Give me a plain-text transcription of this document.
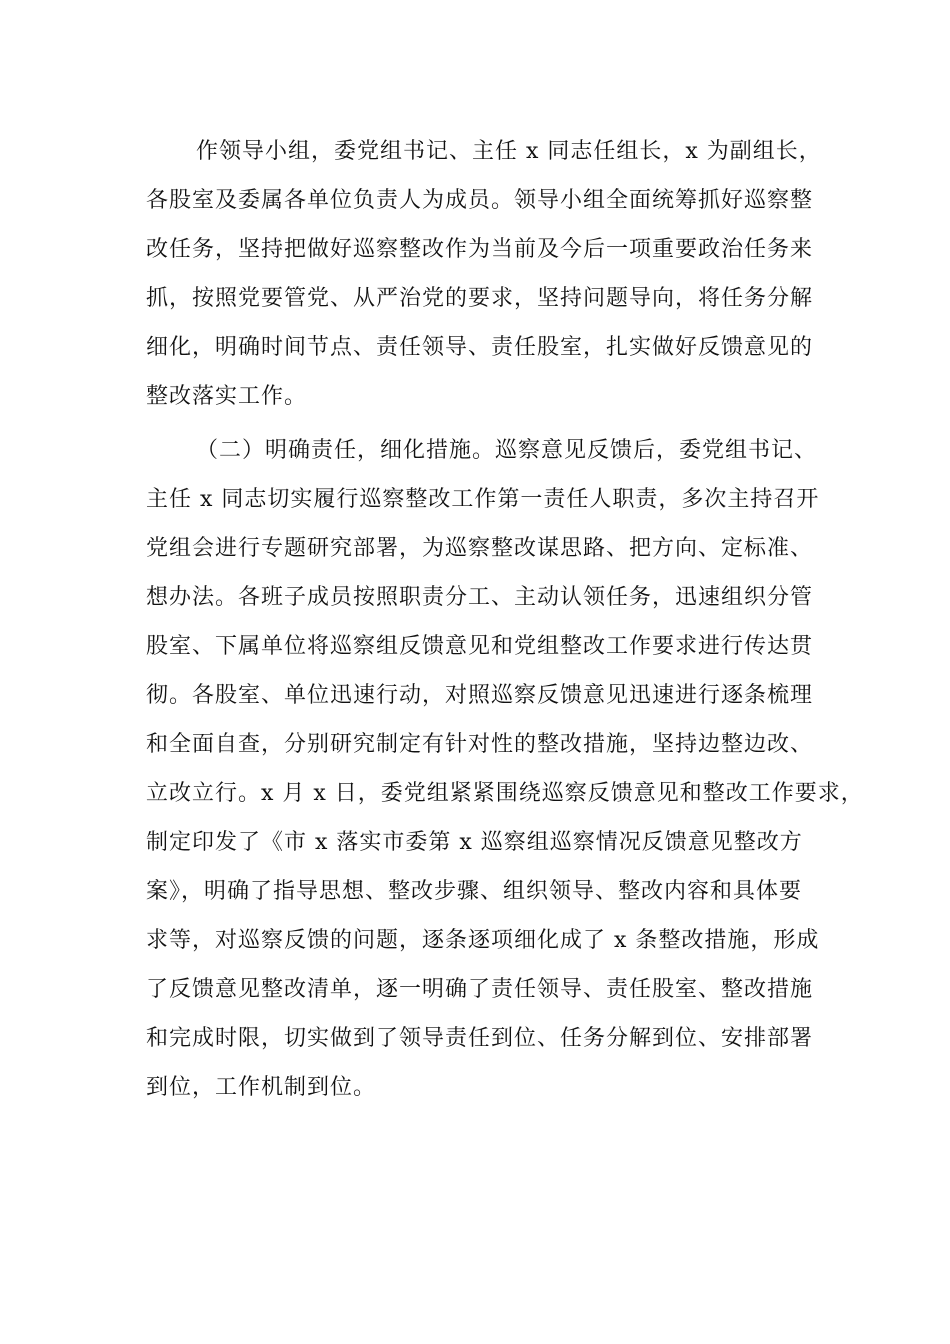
作领导小组，委党组书记、主任 x 同志任组长，x 为副组长，
各股室及委属各单位负责人为成员。领导小组全面统筹抓好巡察整
改任务，坚持把做好巡察整改作为当前及今后一项重要政治任务来
抓，按照党要管党、从严治党的要求，坚持问题导向，将任务分解
细化，明确时间节点、责任领导、责任股室，扎实做好反馈意见的
整改落实工作。
（二）明确责任，细化措施。巡察意见反馈后，委党组书记、
主任 x 同志切实履行巡察整改工作第一责任人职责，多次主持召开
党组会进行专题研究部署，为巡察整改谋思路、把方向、定标准、
想办法。各班子成员按照职责分工、主动认领任务，迅速组织分管
股室、下属单位将巡察组反馈意见和党组整改工作要求进行传达贯
彻。各股室、单位迅速行动，对照巡察反馈意见迅速进行逐条梳理
和全面自查，分别研究制定有针对性的整改措施，坚持边整边改、
立改立行。x 月 x 日，委党组紧紧围绕巡察反馈意见和整改工作要求，
制定印发了《市 x 落实市委第 x 巡察组巡察情况反馈意见整改方
案》，明确了指导思想、整改步骤、组织领导、整改内容和具体要
求等，对巡察反馈的问题，逐条逐项细化成了 x 条整改措施，形成
了反馈意见整改清单，逐一明确了责任领导、责任股室、整改措施
和完成时限，切实做到了领导责任到位、任务分解到位、安排部署
到位，工作机制到位。
